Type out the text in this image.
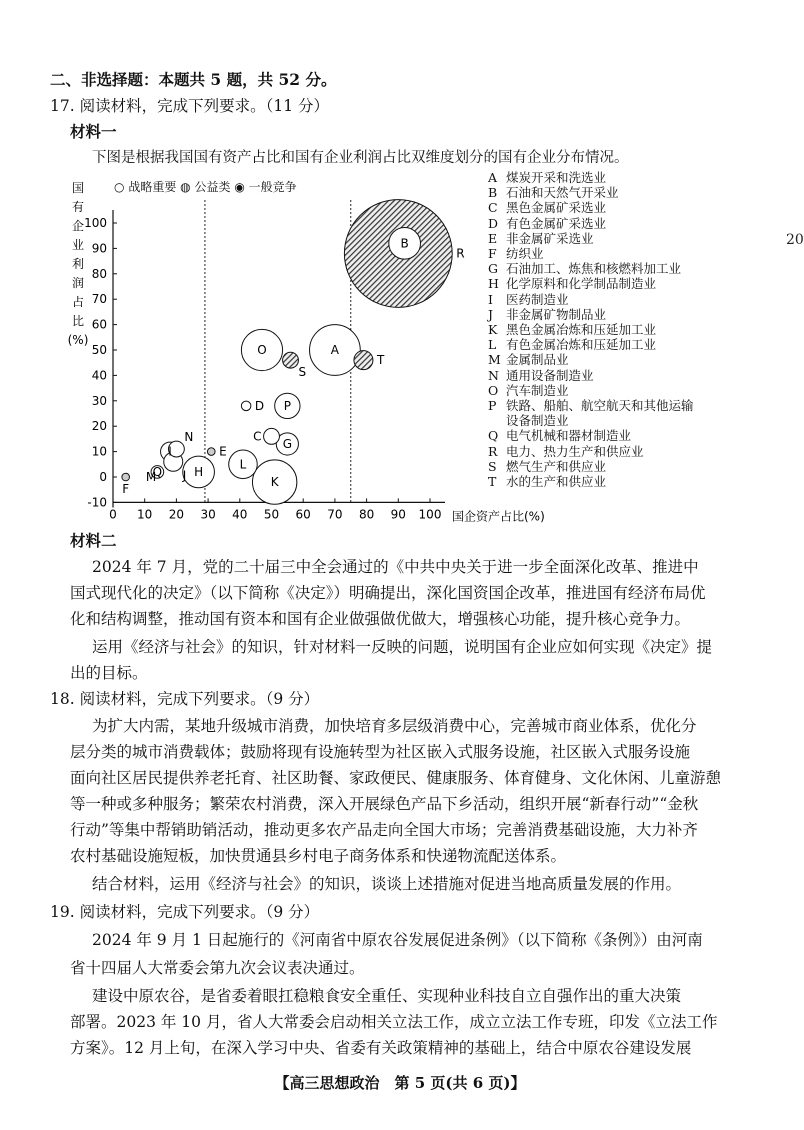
二、非选择题：本题共 5 题，共 52 分。
17. 阅读材料，完成下列要求。（11 分）
材料一
下图是根据我国国有资产占比和国有企业利润占比双维度划分的国有企业分布情况。
-10
0
10
20
30
40
50
60
70
80
90
100
0 10 20 30 40 50 60 70 80 90 100 国企资产占比(%)
国
有
企
业
利
润
占
比
(%)
A
B
C
D
E
F
G
H
I
J	K
L
M
N
O
P
Q
R
S
T
○ 战略重要 ◍ 公益类 ◉ 一般竞争
A 煤炭开采和洗选业
B 石油和天然气开采业
C 黑色金属矿采选业
D 有色金属矿采选业
E 非金属矿采选业
F 纺织业
G 石油加工、炼焦和核燃料加工业
H 化学原料和化学制品制造业
I	医药制造业
J	非金属矿物制品业
K 黑色金属冶炼和压延加工业
L 有色金属冶炼和压延加工业
M 金属制品业
N 通用设备制造业
O 汽车制造业
P 铁路、船舶、航空航天和其他运输
设备制造业
Q 电气机械和器材制造业
R 电力、热力生产和供应业
S 燃气生产和供应业
T 水的生产和供应业
材料二
2024 年 7 月，党的二十届三中全会通过的《中共中央关于进一步全面深化改革、推进中
国式现代化的决定》（以下简称《决定》）明确提出，深化国资国企改革，推进国有经济布局优
化和结构调整，推动国有资本和国有企业做强做优做大，增强核心功能，提升核心竞争力。
运用《经济与社会》的知识，针对材料一反映的问题，说明国有企业应如何实现《决定》提
出的目标。
18. 阅读材料，完成下列要求。（9 分）
为扩大内需，某地升级城市消费，加快培育多层级消费中心，完善城市商业体系，优化分
层分类的城市消费载体；鼓励将现有设施转型为社区嵌入式服务设施，社区嵌入式服务设施
面向社区居民提供养老托育、社区助餐、家政便民、健康服务、体育健身、文化休闲、儿童游憩
等一种或多种服务；繁荣农村消费，深入开展绿色产品下乡活动，组织开展“新春行动”“金秋
行动”等集中帮销助销活动，推动更多农产品走向全国大市场；完善消费基础设施，大力补齐
农村基础设施短板，加快贯通县乡村电子商务体系和快递物流配送体系。
结合材料，运用《经济与社会》的知识，谈谈上述措施对促进当地高质量发展的作用。
19. 阅读材料，完成下列要求。（9 分）
2024 年 9 月 1 日起施行的《河南省中原农谷发展促进条例》（以下简称《条例》）由河南
省十四届人大常委会第九次会议表决通过。
建设中原农谷，是省委着眼扛稳粮食安全重任、实现种业科技自立自强作出的重大决策
部署。2023 年 10 月，省人大常委会启动相关立法工作，成立立法工作专班，印发《立法工作
方案》。12 月上旬，在深入学习中央、省委有关政策精神的基础上，结合中原农谷建设发展
20
【高三思想政治　第 5 页(共 6 页)】
